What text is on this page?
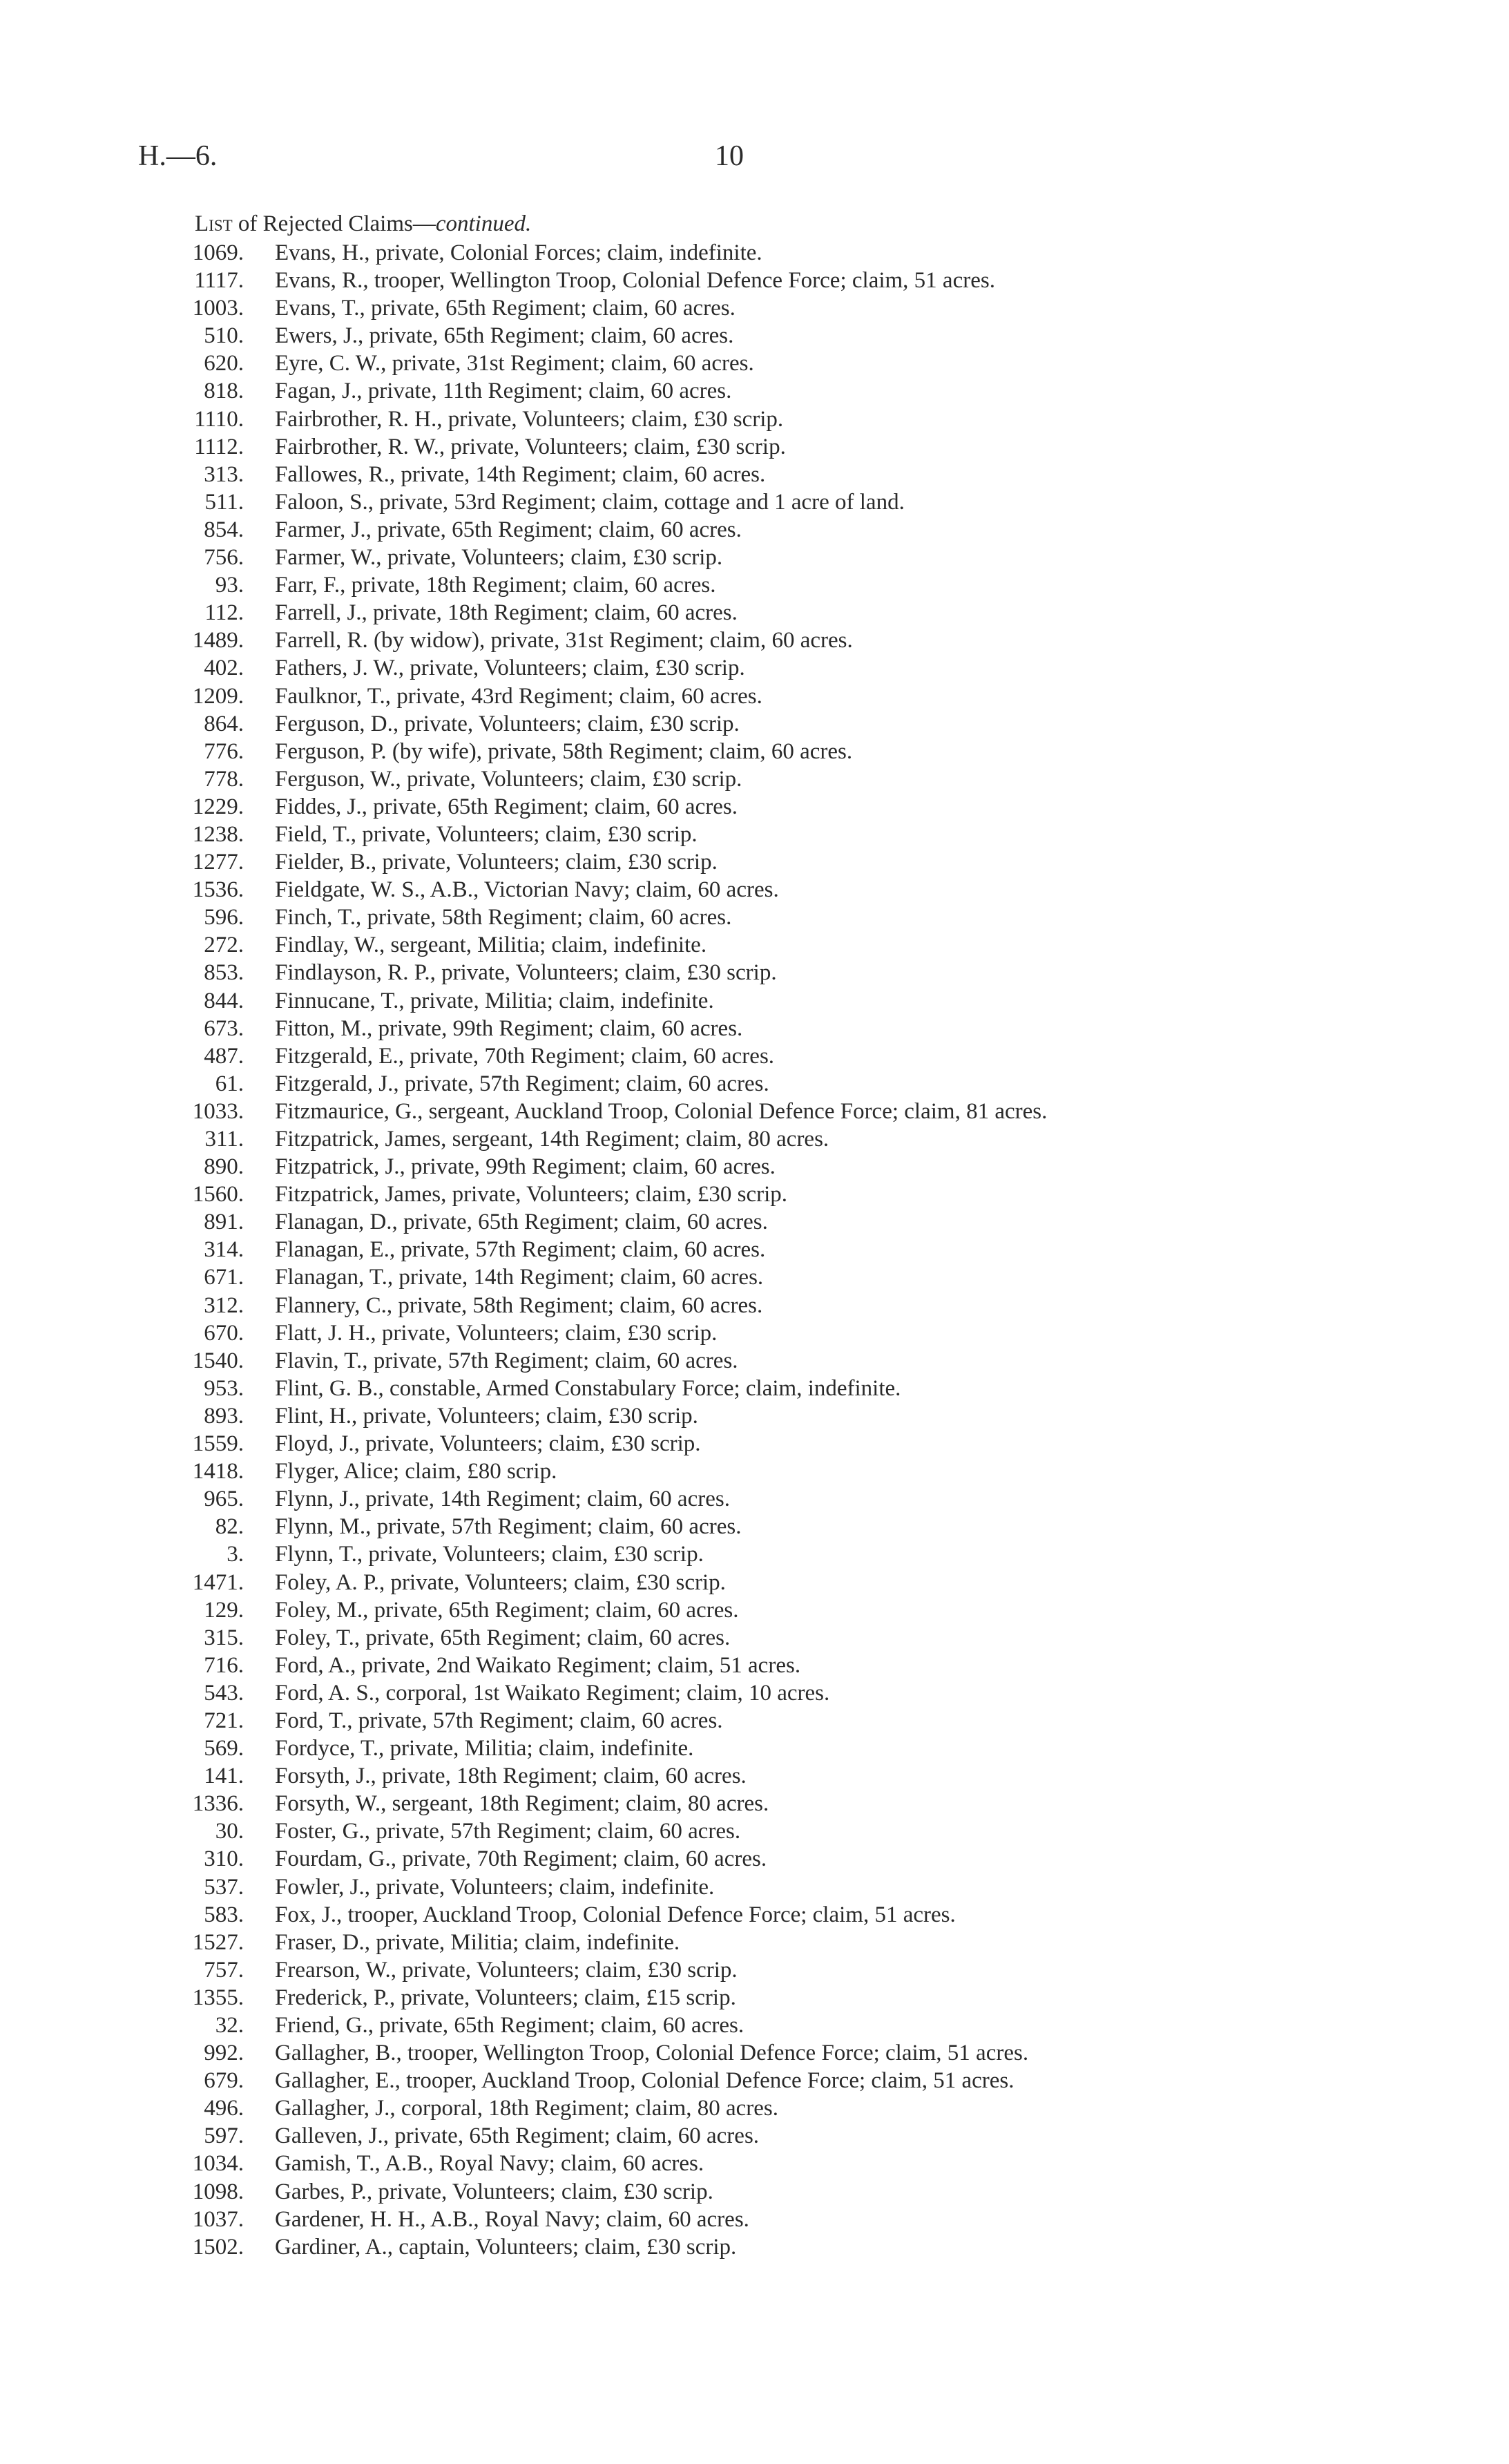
H.—6.	10
List of Rejected Claims—continued.
1069. Evans, H., private, Colonial Forces; claim, indefinite.
1117. Evans, R., trooper, Wellington Troop, Colonial Defence Force; claim, 51 acres.
1003. Evans, T., private, 65th Regiment; claim, 60 acres.
510. Ewers, J., private, 65th Regiment; claim, 60 acres.
620. Eyre, C. W., private, 31st Regiment; claim, 60 acres.
818. Fagan, J., private, 11th Regiment; claim, 60 acres.
1110. Fairbrother, R. H., private, Volunteers; claim, £30 scrip.
1112. Fairbrother, R. W., private, Volunteers; claim, £30 scrip.
313. Fallowes, R., private, 14th Regiment; claim, 60 acres.
511. Faloon, S., private, 53rd Regiment; claim, cottage and 1 acre of land.
854. Farmer, J., private, 65th Regiment; claim, 60 acres.
756. Farmer, W., private, Volunteers; claim, £30 scrip.
93. Farr, F., private, 18th Regiment; claim, 60 acres.
112. Farrell, J., private, 18th Regiment; claim, 60 acres.
1489. Farrell, R. (by widow), private, 31st Regiment; claim, 60 acres.
402. Fathers, J. W., private, Volunteers; claim, £30 scrip.
1209. Faulknor, T., private, 43rd Regiment; claim, 60 acres.
864. Ferguson, D., private, Volunteers; claim, £30 scrip.
776. Ferguson, P. (by wife), private, 58th Regiment; claim, 60 acres.
778. Ferguson, W., private, Volunteers; claim, £30 scrip.
1229. Fiddes, J., private, 65th Regiment; claim, 60 acres.
1238. Field, T., private, Volunteers; claim, £30 scrip.
1277. Fielder, B., private, Volunteers; claim, £30 scrip.
1536. Fieldgate, W. S., A.B., Victorian Navy; claim, 60 acres.
596. Finch, T., private, 58th Regiment; claim, 60 acres.
272. Findlay, W., sergeant, Militia; claim, indefinite.
853. Findlayson, R. P., private, Volunteers; claim, £30 scrip.
844. Finnucane, T., private, Militia; claim, indefinite.
673. Fitton, M., private, 99th Regiment; claim, 60 acres.
487. Fitzgerald, E., private, 70th Regiment; claim, 60 acres.
61. Fitzgerald, J., private, 57th Regiment; claim, 60 acres.
1033. Fitzmaurice, G., sergeant, Auckland Troop, Colonial Defence Force; claim, 81 acres.
311. Fitzpatrick, James, sergeant, 14th Regiment; claim, 80 acres.
890. Fitzpatrick, J., private, 99th Regiment; claim, 60 acres.
1560. Fitzpatrick, James, private, Volunteers; claim, £30 scrip.
891. Flanagan, D., private, 65th Regiment; claim, 60 acres.
314. Flanagan, E., private, 57th Regiment; claim, 60 acres.
671. Flanagan, T., private, 14th Regiment; claim, 60 acres.
312. Flannery, C., private, 58th Regiment; claim, 60 acres.
670. Flatt, J. H., private, Volunteers; claim, £30 scrip.
1540. Flavin, T., private, 57th Regiment; claim, 60 acres.
953. Flint, G. B., constable, Armed Constabulary Force; claim, indefinite.
893. Flint, H., private, Volunteers; claim, £30 scrip.
1559. Floyd, J., private, Volunteers; claim, £30 scrip.
1418. Flyger, Alice; claim, £80 scrip.
965. Flynn, J., private, 14th Regiment; claim, 60 acres.
82. Flynn, M., private, 57th Regiment; claim, 60 acres.
3. Flynn, T., private, Volunteers; claim, £30 scrip.
1471. Foley, A. P., private, Volunteers; claim, £30 scrip.
129. Foley, M., private, 65th Regiment; claim, 60 acres.
315. Foley, T., private, 65th Regiment; claim, 60 acres.
716. Ford, A., private, 2nd Waikato Regiment; claim, 51 acres.
543. Ford, A. S., corporal, 1st Waikato Regiment; claim, 10 acres.
721. Ford, T., private, 57th Regiment; claim, 60 acres.
569. Fordyce, T., private, Militia; claim, indefinite.
141. Forsyth, J., private, 18th Regiment; claim, 60 acres.
1336. Forsyth, W., sergeant, 18th Regiment; claim, 80 acres.
30. Foster, G., private, 57th Regiment; claim, 60 acres.
310. Fourdam, G., private, 70th Regiment; claim, 60 acres.
537. Fowler, J., private, Volunteers; claim, indefinite.
583. Fox, J., trooper, Auckland Troop, Colonial Defence Force; claim, 51 acres.
1527. Fraser, D., private, Militia; claim, indefinite.
757. Frearson, W., private, Volunteers; claim, £30 scrip.
1355. Frederick, P., private, Volunteers; claim, £15 scrip.
32. Friend, G., private, 65th Regiment; claim, 60 acres.
992. Gallagher, B., trooper, Wellington Troop, Colonial Defence Force; claim, 51 acres.
679. Gallagher, E., trooper, Auckland Troop, Colonial Defence Force; claim, 51 acres.
496. Gallagher, J., corporal, 18th Regiment; claim, 80 acres.
597. Galleven, J., private, 65th Regiment; claim, 60 acres.
1034. Gamish, T., A.B., Royal Navy; claim, 60 acres.
1098. Garbes, P., private, Volunteers; claim, £30 scrip.
1037. Gardener, H. H., A.B., Royal Navy; claim, 60 acres.
1502. Gardiner, A., captain, Volunteers; claim, £30 scrip.
